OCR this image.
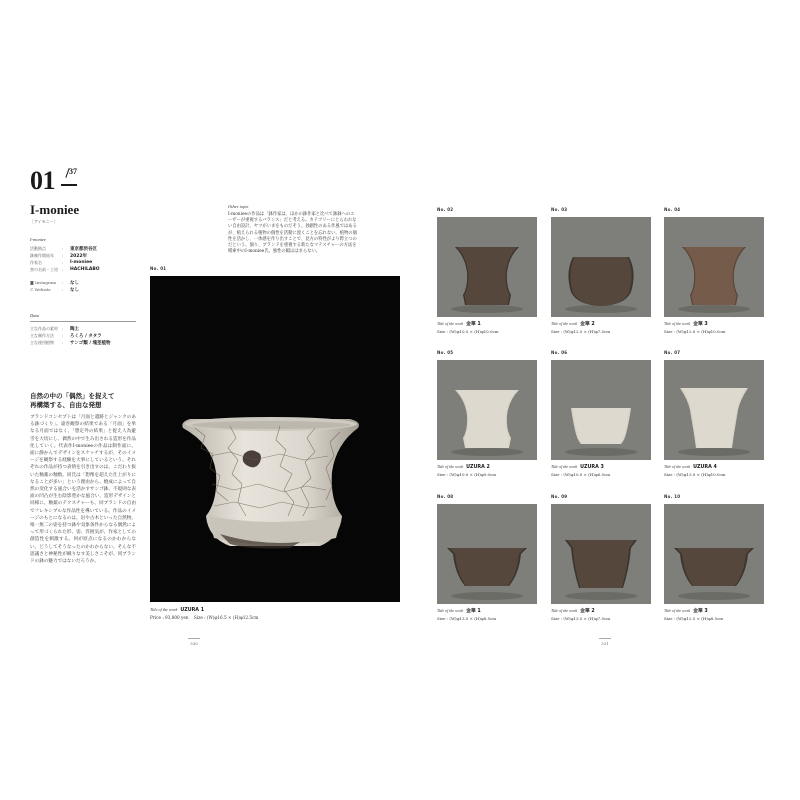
01 37
I-moniee
［アイモニー］
I-moniee
活動拠点	:	東京都渋谷区
鉢制作開始年	:	2022年
作家名	:	I-moniee
窯の名前・工房	:	HACHILABO
◙ Instagram	:	なし
⊂ Website	:	なし
Data
主な作品の素材	:	陶土
主な制作方法	:	ろくろ / タタラ
主な使用植物	:	サンゴ類 / 塊茎植物
自然の中の「偶然」を捉えて
再構築する、自由な発想
ブランドコンセプトは「月面と遺跡とジャンクのある鉢づくり」。遠巻観察の結果である「月面」を単なる月面ではなく、「想定外の結果」と捉え人為避雪を大切にし、偶然の中で生み出される造形を作品化していく。代表作I-monieeの作品は制作面に、面に静かんでデザインをスケッチするが、そのイメージを観察する経験を大事にしているという。それぞれの作品が持つ表情を引き出すのは、こだわり抜いた釉薬の釉数。同氏は「想像を超えた仕上がりになることが多い」という理由から、焼成によって自然の変化する風合いを活かすサンゴ鉢、不規則な表面の凹凸が生む陰影豊かな風合い、造形デザインと同様に、釉薬のテクスチャーも、同ブランドの自由でフレキシブルな作品性を導いている。作品のイメージのもとになるのは、岩や古木といった自然物。唯一無二の姿を持つ鉢や気象条件からなる偶然によって形づくられた形、姿、雰囲気が、作家としての創造性を刺激する。何が原点になるのかわからない。どうしてそうなったのかわからない。そんな不思議さと神秘性が織りなす美しさこそが、同ブランドの鉢の魅力ではないだろうか。
Other topic
I-monieeの作品は「鉢作家は、ほかの鉢作家と比べて鉢鉢へのユーザーが重視するバランス」だと考える。カテゴリーにとらわれない自由設計、ヤツがいまをものだそう。独創性のある作風ではあるが、植えられる植物の個性を活動に置くことを忘れない。植物の個性を活かし、一体感を作り出すことで、見方の特性がより際立つのだという。個々、ブランドを重視する新たなマテスチャーの方法を模索中のI-moniee氏。独性の幅ははまらない。
No. 01
Title of the work UZURA 1
Price : 93,800 yen Size : (W)φ16.5 × (H)φ12.5cm
330
No. 02
Title of the work 金華 1
Size : (W)φ10.5 × (H)φ10.0cm
No. 03
Title of the work 金華 2
Size : (W)φ12.5 × (H)φ7.5cm
No. 04
Title of the work 金華 3
Size : (W)φ12.0 × (H)φ10.0cm
No. 05
Title of the work UZURA 2
Size : (W)φ10.0 × (H)φ9.0cm
No. 06
Title of the work UZURA 3
Size : (W)φ10.0 × (H)φ6.5cm
No. 07
Title of the work UZURA 4
Size : (W)φ13.0 × (H)φ10.0cm
No. 08
Title of the work 金華 1
Size : (W)φ13.5 × (H)φ8.5cm
No. 09
Title of the work 金華 2
Size : (W)φ13.5 × (H)φ7.5cm
No. 10
Title of the work 金華 3
Size : (W)φ12.5 × (H)φ8.5cm
331
